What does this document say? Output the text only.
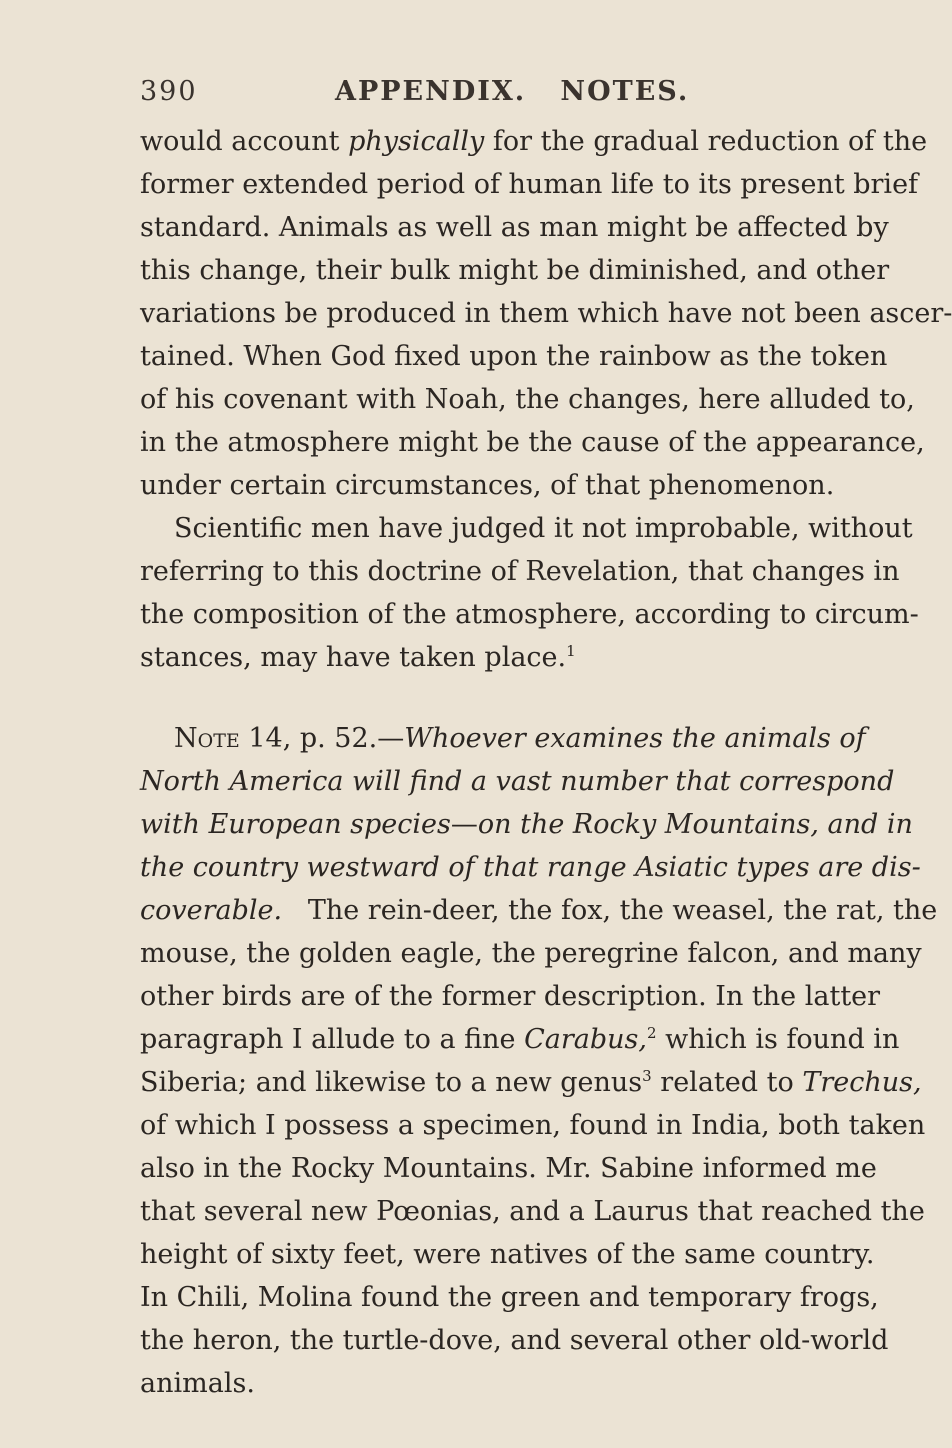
390	APPENDIX.   NOTES.
would account physically for the gradual reduction of the
former extended period of human life to its present brief
standard. Animals as well as man might be affected by
this change, their bulk might be diminished, and other
variations be produced in them which have not been ascer-
tained. When God fixed upon the rainbow as the token
of his covenant with Noah, the changes, here alluded to,
in the atmosphere might be the cause of the appearance,
under certain circumstances, of that phenomenon.
Scientific men have judged it not improbable, without
referring to this doctrine of Revelation, that changes in
the composition of the atmosphere, according to circum-
stances, may have taken place.$^1$
Note 14, p. 52.—Whoever examines the animals of
North America will find a vast number that correspond
with European species—on the Rocky Mountains, and in
the country westward of that range Asiatic types are dis-
coverable.   The rein-deer, the fox, the weasel, the rat, the
mouse, the golden eagle, the peregrine falcon, and many
other birds are of the former description. In the latter
paragraph I allude to a fine Carabus,$^2$ which is found in
Siberia; and likewise to a new genus$^3$ related to Trechus,
of which I possess a specimen, found in India, both taken
also in the Rocky Mountains. Mr. Sabine informed me
that several new Pœonias, and a Laurus that reached the
height of sixty feet, were natives of the same country.
In Chili, Molina found the green and temporary frogs,
the heron, the turtle-dove, and several other old-world
animals.
